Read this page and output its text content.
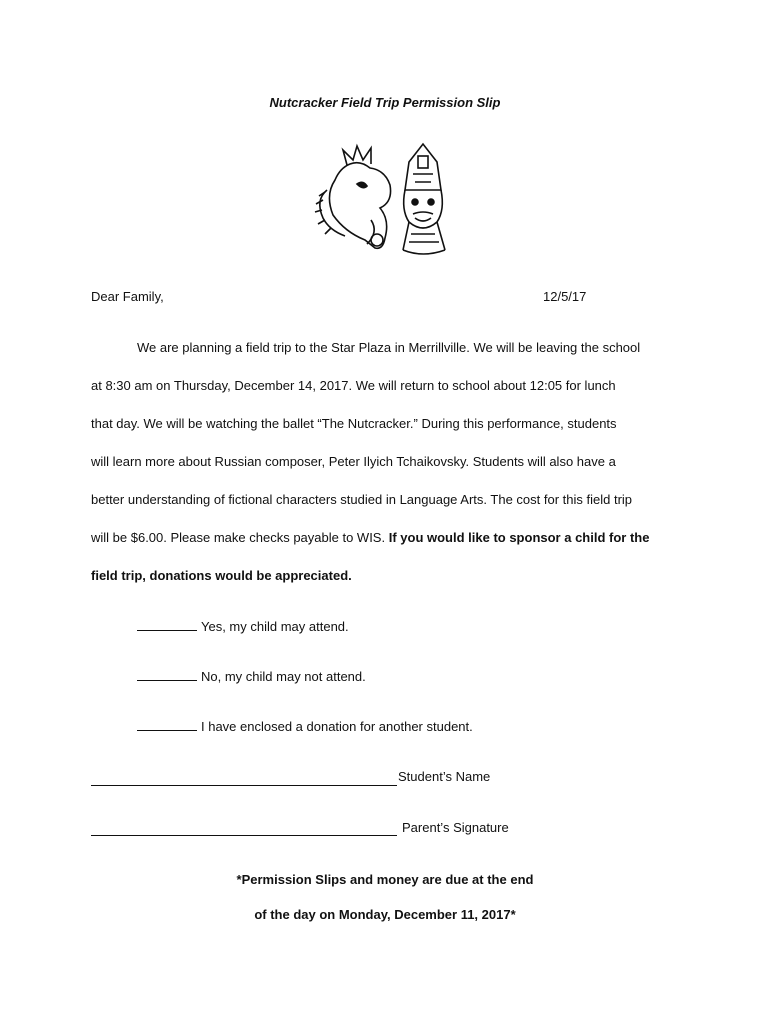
Nutcracker Field Trip Permission Slip
Dear Family,	12/5/17
We are planning a field trip to the Star Plaza in Merrillville. We will be leaving the school
at 8:30 am on Thursday, December 14, 2017. We will return to school about 12:05 for lunch
that day. We will be watching the ballet “The Nutcracker.” During this performance, students
will learn more about Russian composer, Peter Ilyich Tchaikovsky. Students will also have a
better understanding of fictional characters studied in Language Arts. The cost for this field trip
will be $6.00. Please make checks payable to WIS. If you would like to sponsor a child for the
field trip, donations would be appreciated.
Yes, my child may attend.
No, my child may not attend.
I have enclosed a donation for another student.
Student’s Name
Parent’s Signature
*Permission Slips and money are due at the end
of the day on Monday, December 11, 2017*
